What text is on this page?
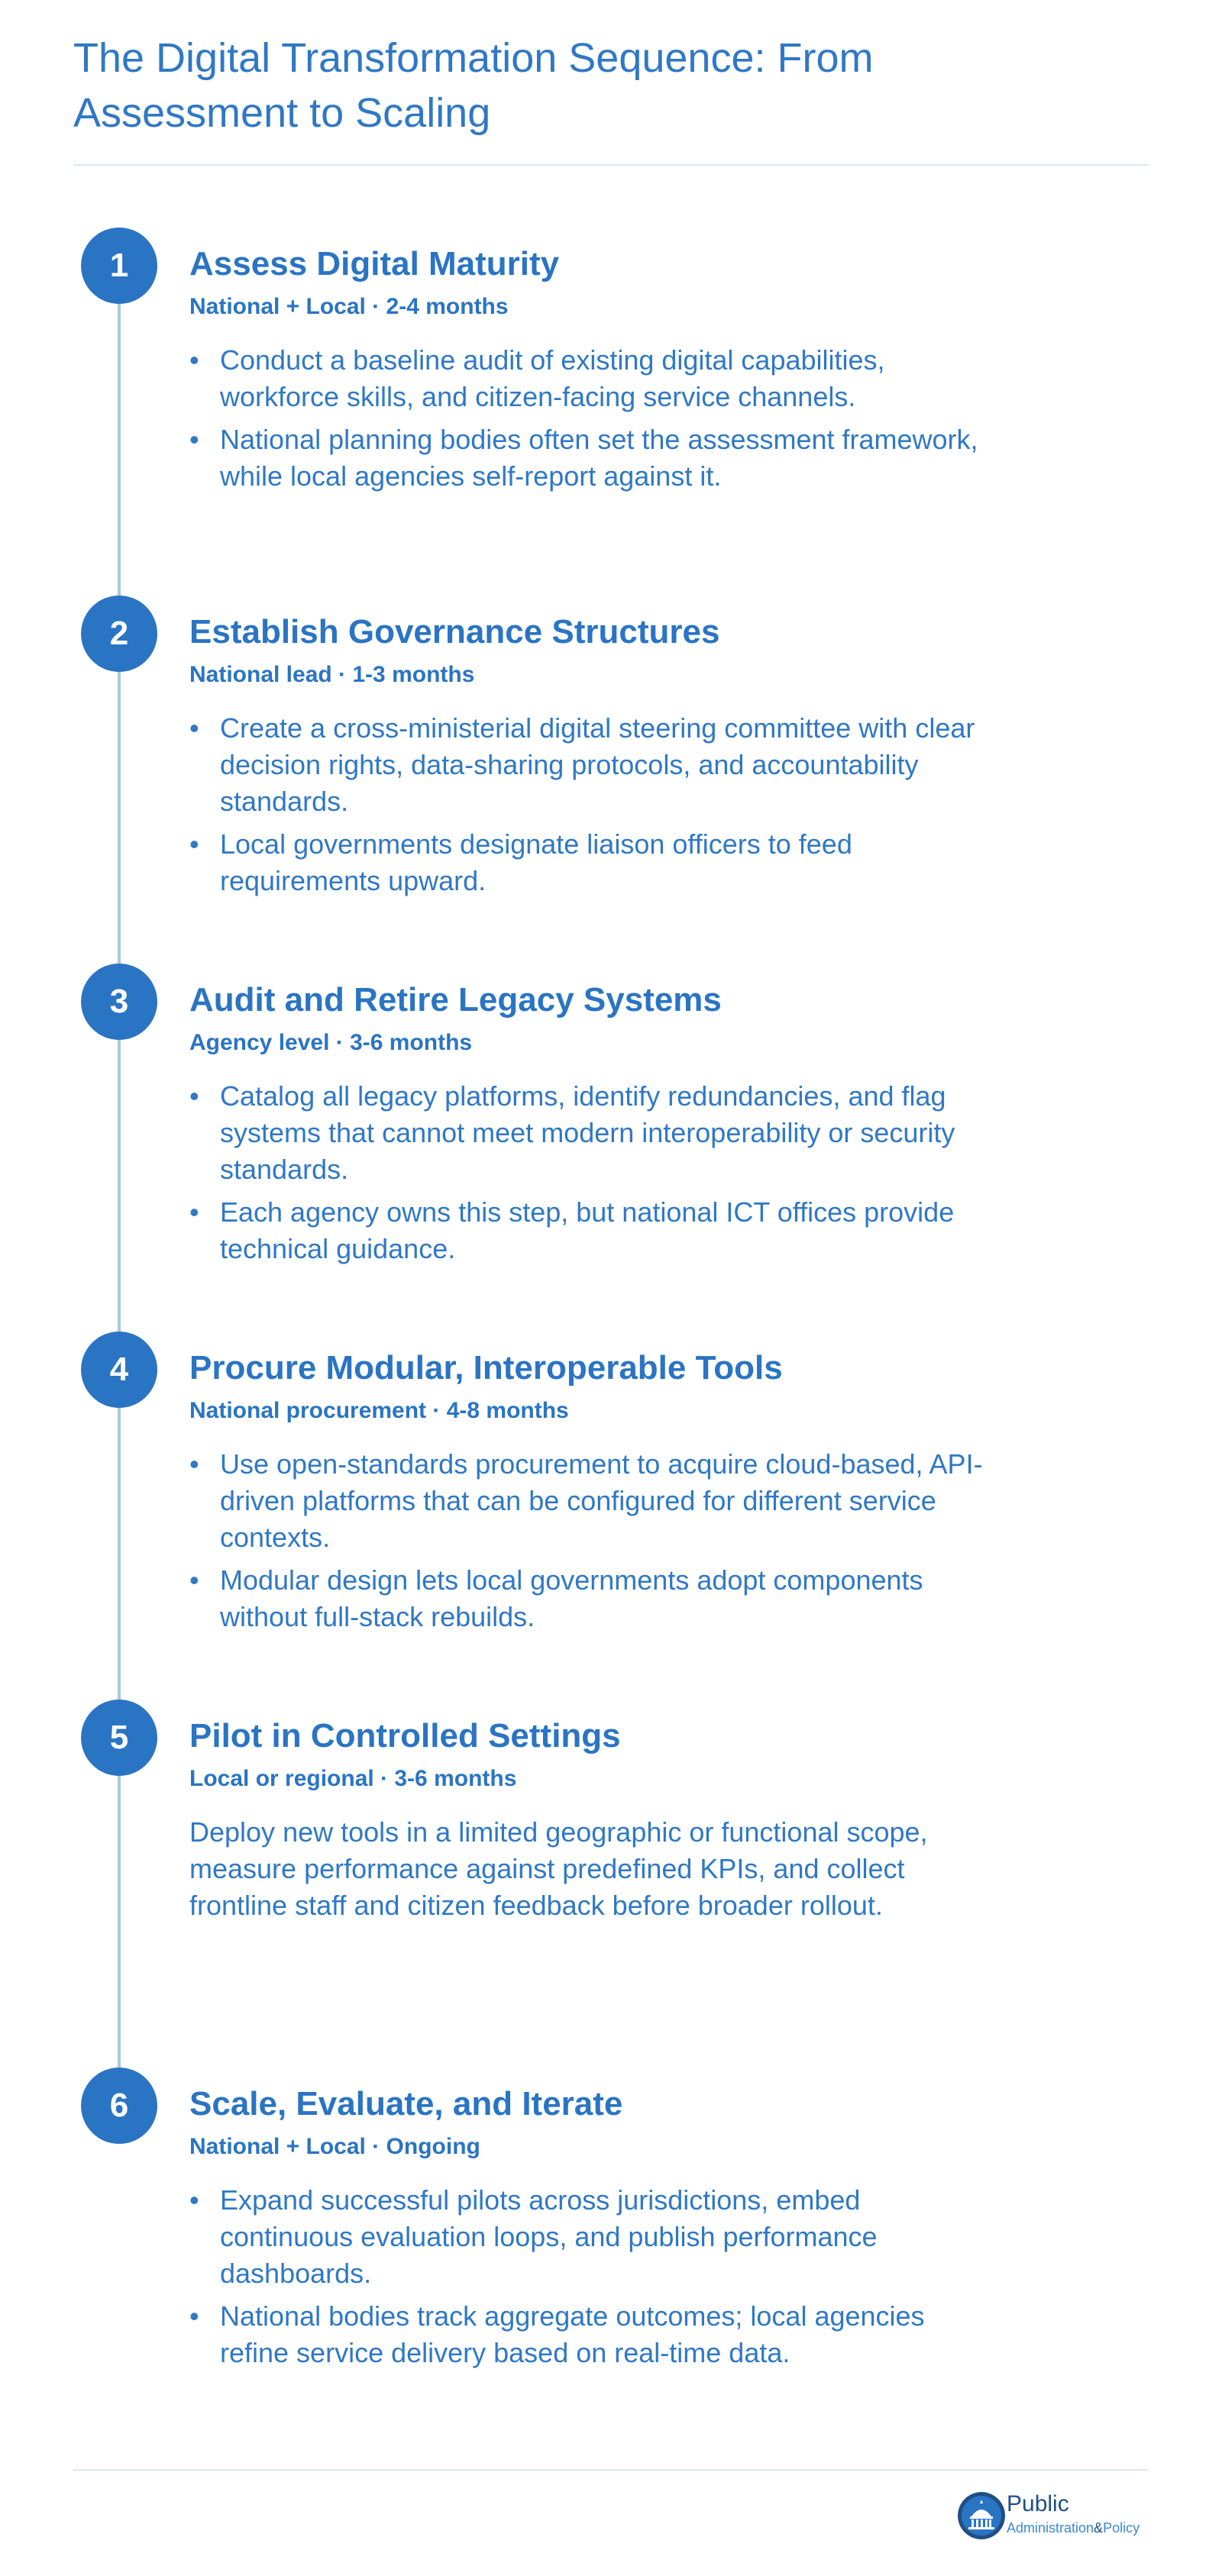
The Digital Transformation Sequence: From Assessment to Scaling
1	Assess Digital Maturity
National + Local · 2-4 months
• Conduct a baseline audit of existing digital capabilities, workforce skills, and citizen-facing service channels.
• National planning bodies often set the assessment framework, while local agencies self-report against it.
2	Establish Governance Structures
National lead · 1-3 months
• Create a cross-ministerial digital steering committee with clear decision rights, data-sharing protocols, and accountability standards.
• Local governments designate liaison officers to feed requirements upward.
3	Audit and Retire Legacy Systems
Agency level · 3-6 months
• Catalog all legacy platforms, identify redundancies, and flag systems that cannot meet modern interoperability or security standards.
• Each agency owns this step, but national ICT offices provide technical guidance.
4	Procure Modular, Interoperable Tools
National procurement · 4-8 months
• Use open-standards procurement to acquire cloud-based, API-driven platforms that can be configured for different service contexts.
• Modular design lets local governments adopt components without full-stack rebuilds.
5	Pilot in Controlled Settings
Local or regional · 3-6 months

Deploy new tools in a limited geographic or functional scope, measure performance against predefined KPIs, and collect frontline staff and citizen feedback before broader rollout.

6	Scale, Evaluate, and Iterate
National + Local · Ongoing
• Expand successful pilots across jurisdictions, embed continuous evaluation loops, and publish performance dashboards.
• National bodies track aggregate outcomes; local agencies refine service delivery based on real-time data.
Public
Administration&Policy
